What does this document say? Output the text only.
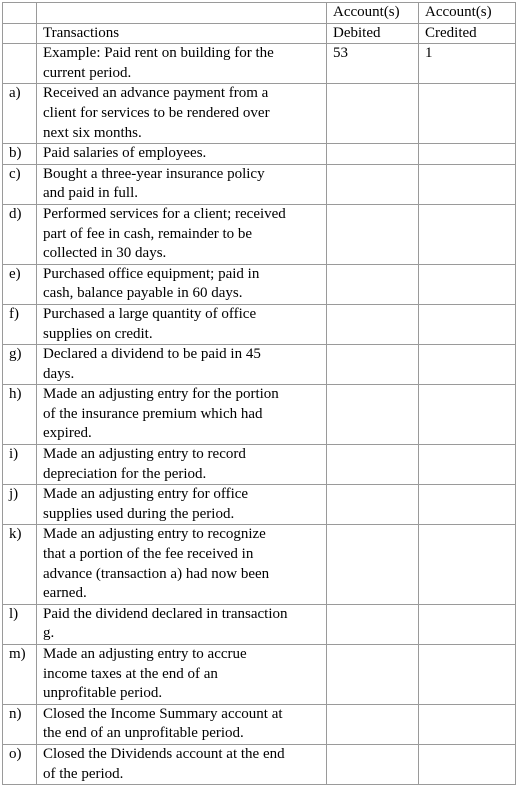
		Account(s)	Account(s)
	Transactions	Debited	Credited
	Example: Paid rent on building for the
current period.	53	1
a)	Received an advance payment from a
client for services to be rendered over
next six months.		
b)	Paid salaries of employees.		
c)	Bought a three-year insurance policy
and paid in full.		
d)	Performed services for a client; received
part of fee in cash, remainder to be
collected in 30 days.		
e)	Purchased office equipment; paid in
cash, balance payable in 60 days.		
f)	Purchased a large quantity of office
supplies on credit.		
g)	Declared a dividend to be paid in 45
days.		
h)	Made an adjusting entry for the portion
of the insurance premium which had
expired.		
i)	Made an adjusting entry to record
depreciation for the period.		
j)	Made an adjusting entry for office
supplies used during the period.		
k)	Made an adjusting entry to recognize
that a portion of the fee received in
advance (transaction a) had now been
earned.		
l)	Paid the dividend declared in transaction
g.		
m)	Made an adjusting entry to accrue
income taxes at the end of an
unprofitable period.		
n)	Closed the Income Summary account at
the end of an unprofitable period.		
o)	Closed the Dividends account at the end
of the period.		
